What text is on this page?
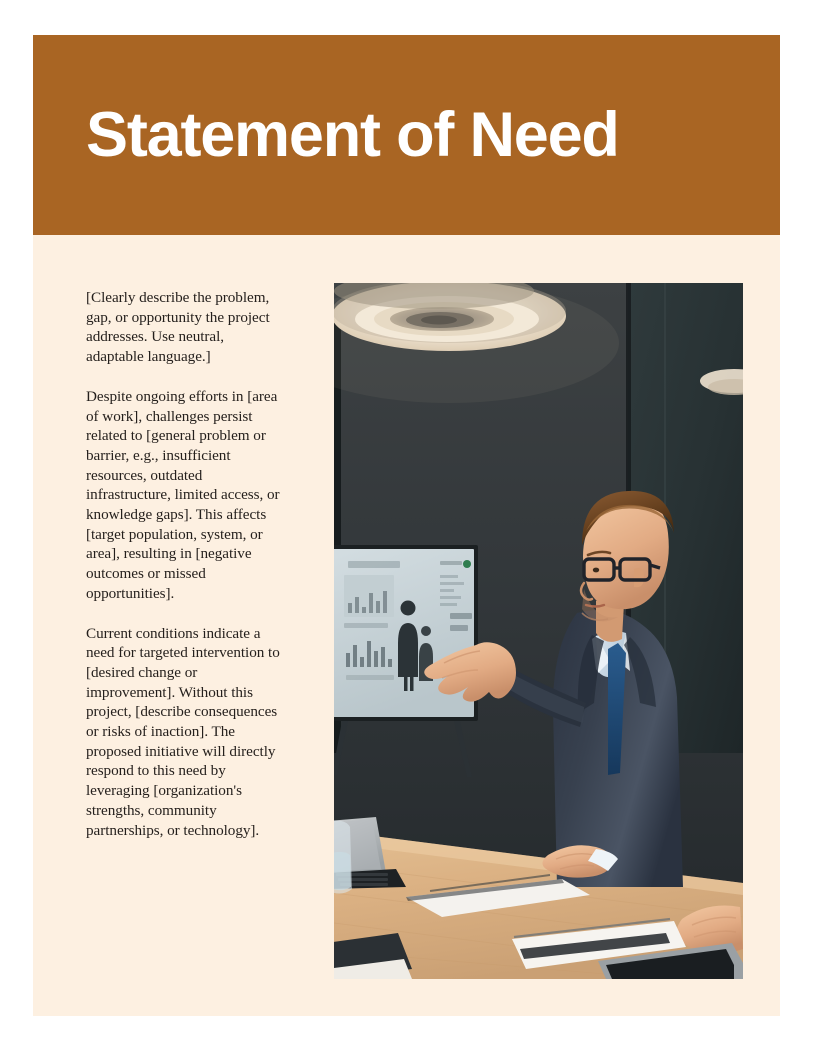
Statement of Need

[Clearly describe the problem, gap, or opportunity the project addresses. Use neutral, adaptable language.]

Despite ongoing efforts in [area of work], challenges persist related to [general problem or barrier, e.g., insufficient resources, outdated infrastructure, limited access, or knowledge gaps]. This affects [target population, system, or area], resulting in [negative outcomes or missed opportunities].

Current conditions indicate a need for targeted intervention to [desired change or improvement]. Without this project, [describe consequences or risks of inaction]. The proposed initiative will directly respond to this need by leveraging [organization's strengths, community partnerships, or technology].
